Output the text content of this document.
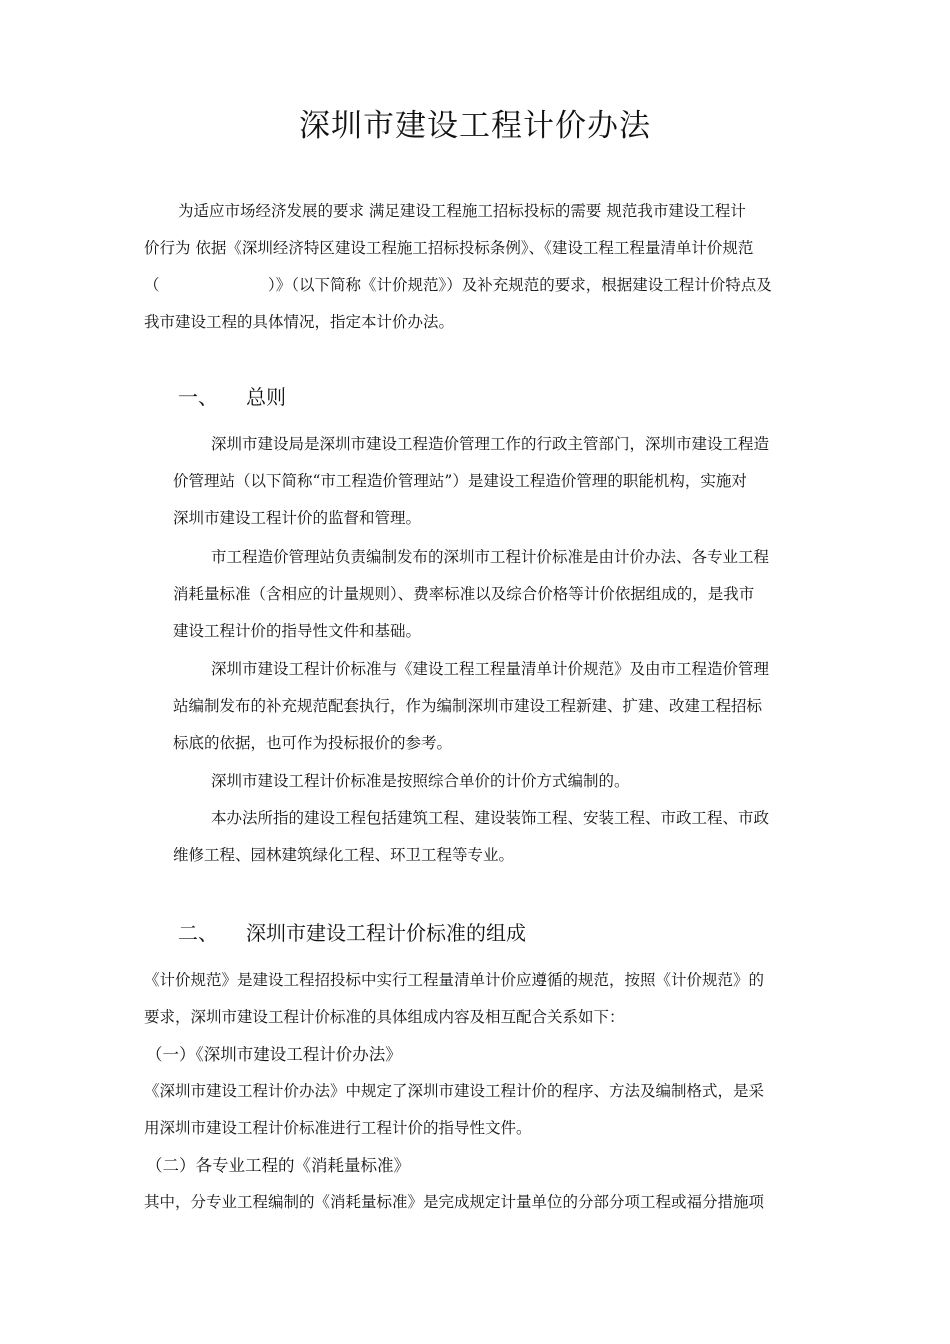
深圳市建设工程计价办法
为适应市场经济发展的要求 满足建设工程施工招标投标的需要 规范我市建设工程计
价行为 依据《深圳经济特区建设工程施工招标投标条例》、《建设工程工程量清单计价规范
（　　　　　　　）》（以下简称《计价规范》）及补充规范的要求，根据建设工程计价特点及
我市建设工程的具体情况，指定本计价办法。
一、 总则
深圳市建设局是深圳市建设工程造价管理工作的行政主管部门，深圳市建设工程造
价管理站（以下简称“市工程造价管理站”）是建设工程造价管理的职能机构，实施对
深圳市建设工程计价的监督和管理。
市工程造价管理站负责编制发布的深圳市工程计价标准是由计价办法、各专业工程
消耗量标准（含相应的计量规则）、费率标准以及综合价格等计价依据组成的，是我市
建设工程计价的指导性文件和基础。
深圳市建设工程计价标准与《建设工程工程量清单计价规范》及由市工程造价管理
站编制发布的补充规范配套执行，作为编制深圳市建设工程新建、扩建、改建工程招标
标底的依据，也可作为投标报价的参考。
深圳市建设工程计价标准是按照综合单价的计价方式编制的。
本办法所指的建设工程包括建筑工程、建设装饰工程、安装工程、市政工程、市政
维修工程、园林建筑绿化工程、环卫工程等专业。
二、 深圳市建设工程计价标准的组成
《计价规范》是建设工程招投标中实行工程量清单计价应遵循的规范，按照《计价规范》的
要求，深圳市建设工程计价标准的具体组成内容及相互配合关系如下：
（一）《深圳市建设工程计价办法》
《深圳市建设工程计价办法》中规定了深圳市建设工程计价的程序、方法及编制格式，是采
用深圳市建设工程计价标准进行工程计价的指导性文件。
（二）各专业工程的《消耗量标准》
其中，分专业工程编制的《消耗量标准》是完成规定计量单位的分部分项工程或福分措施项
